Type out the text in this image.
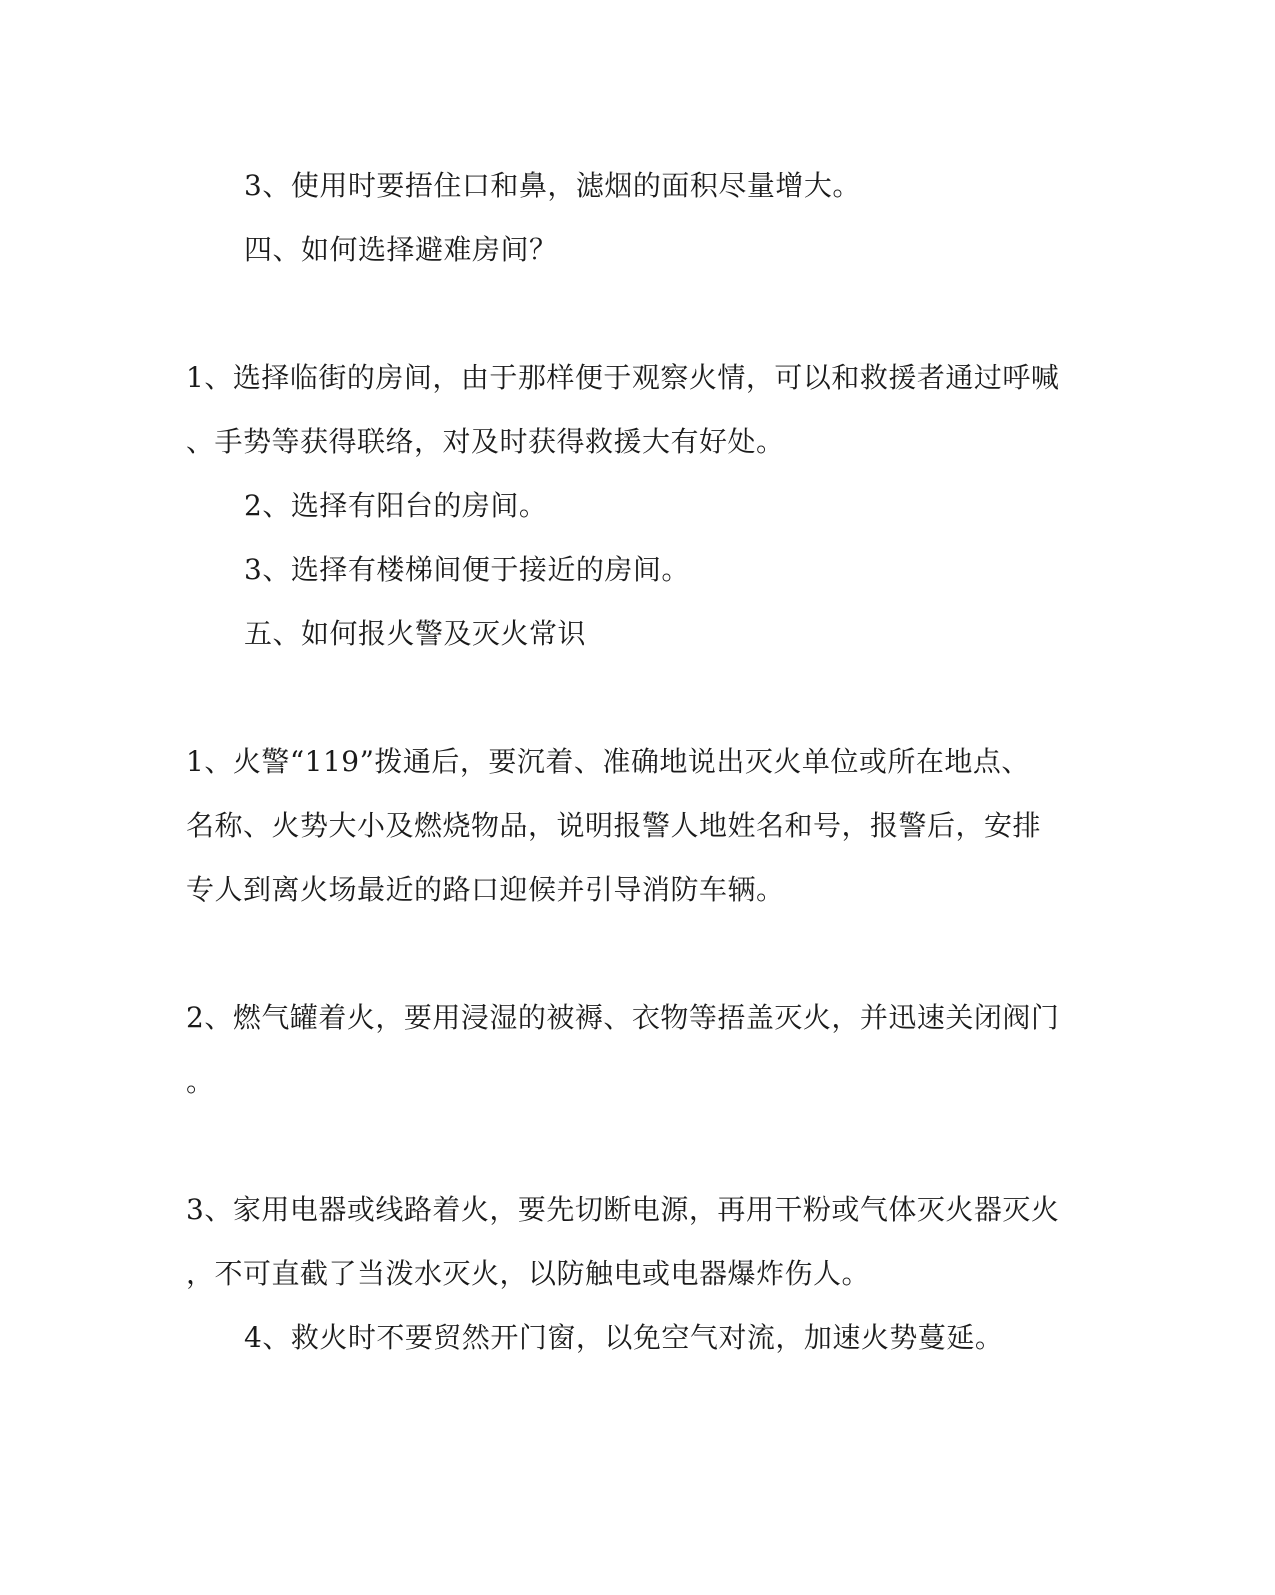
3、使用时要捂住口和鼻，滤烟的面积尽量增大。
四、如何选择避难房间？
1、选择临街的房间，由于那样便于观察火情，可以和救援者通过呼喊
、手势等获得联络，对及时获得救援大有好处。
2、选择有阳台的房间。
3、选择有楼梯间便于接近的房间。
五、如何报火警及灭火常识
1、火警“119”拨通后，要沉着、准确地说出灭火单位或所在地点、
名称、火势大小及燃烧物品，说明报警人地姓名和号，报警后，安排
专人到离火场最近的路口迎候并引导消防车辆。
2、燃气罐着火，要用浸湿的被褥、衣物等捂盖灭火，并迅速关闭阀门
。
3、家用电器或线路着火，要先切断电源，再用干粉或气体灭火器灭火
，不可直截了当泼水灭火，以防触电或电器爆炸伤人。
4、救火时不要贸然开门窗，以免空气对流，加速火势蔓延。
